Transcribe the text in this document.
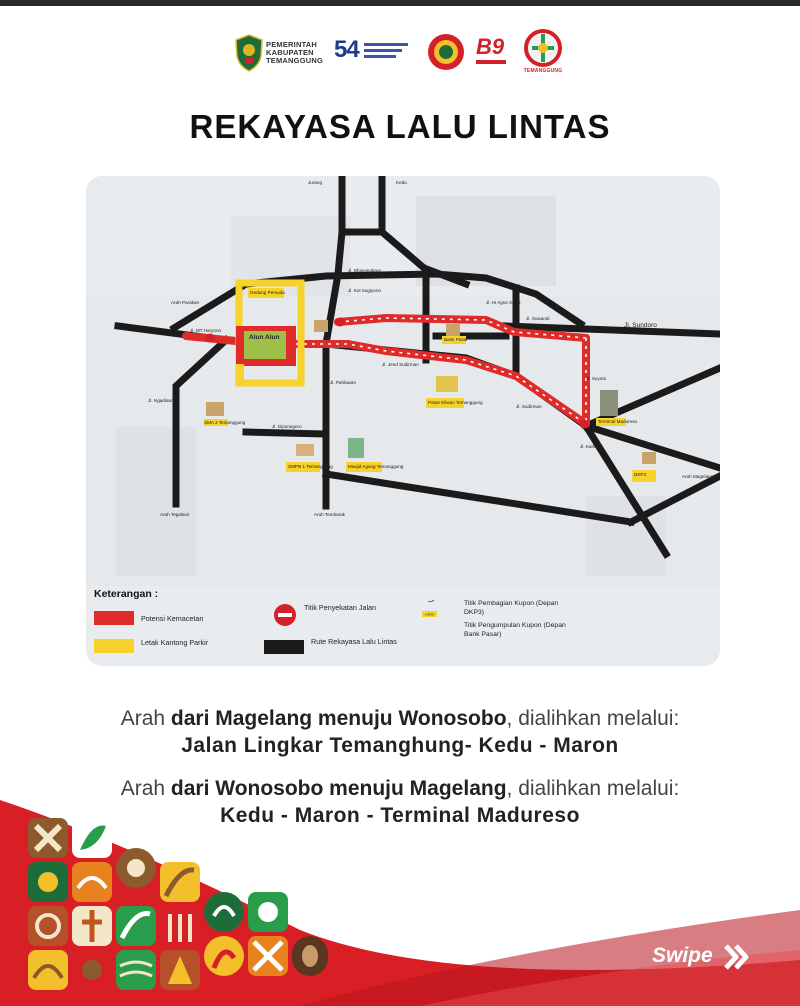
PEMERINTAH KABUPATEN TEMANGGUNG 54	B9
TEMANGGUNG
REKAYASA LALU LINTAS
Jurang	Kedu
Arah Parakan
Jl. MT Haryono
Jl. Bhayangkara
Jl. Kol Sugiyono
Jl. Hi Agus Salim
Jl. Suwandi
Jl. Sundoro
Jl. Jend Sudirman
Jl. Sudirman
Jl. Suyoto
Jl. Kartini
Jl. Diponegoro
Jl. Ngadisaro
Jl. Pahlawan
Arah Tegalsari	Arah Tembarak
Arah Magelang
Alun Alun
Pasar Kliwon Temanggung
Terminal Madureso
Masjid Agung Temanggung
Gedung Pemuda
SMPN 1 Temanggung
SMA 2 Temanggung
DKP3
Bank Pasar
Keterangan :
Potensi Kemacetan
Letak Kantong Parkir
Titik Penyekatan Jalan
Rute Rekayasa Lalu Lintas
KUPON
Titik Pembagian Kupon (Depan DKP3)
Titik Pengumpulan Kupon (Depan Bank Pasar)
Arah dari Magelang menuju Wonosobo, dialihkan melalui:
Jalan Lingkar Temanghung- Kedu - Maron
Arah dari Wonosobo menuju Magelang, dialihkan melalui:
Kedu - Maron - Terminal Madureso
Swipe
